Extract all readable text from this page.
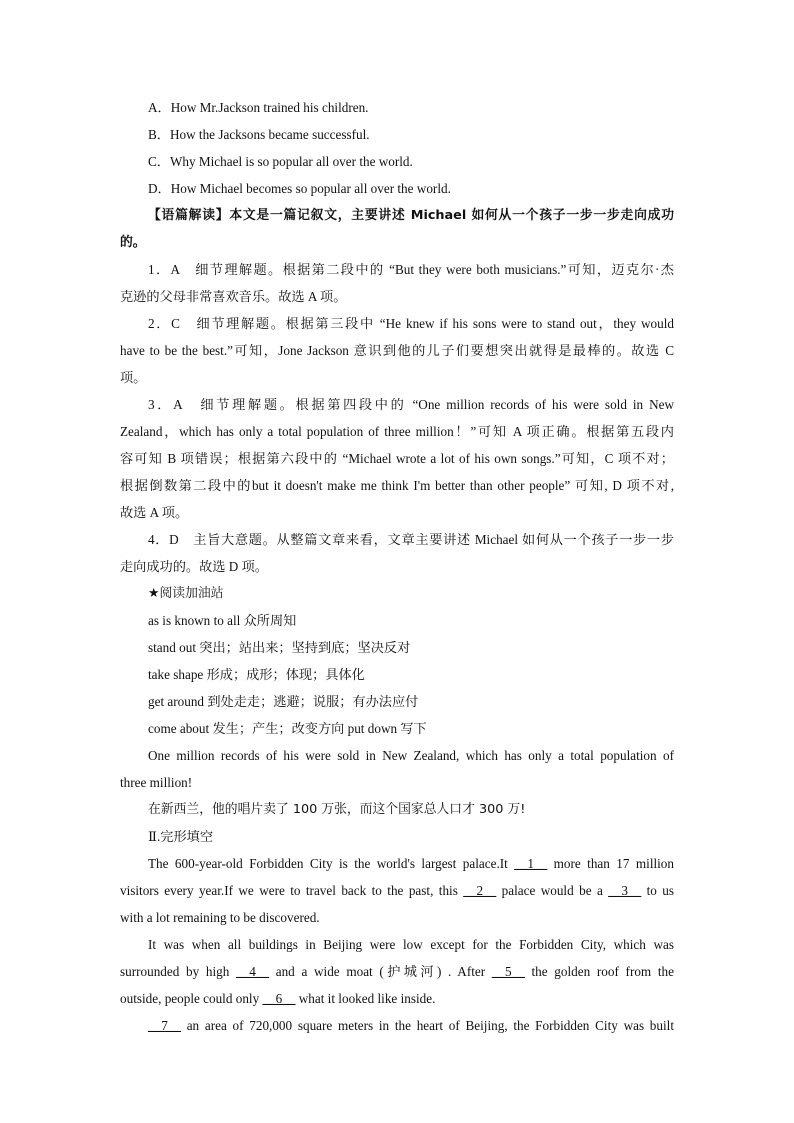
A．How Mr.Jackson trained his children.
B．How the Jacksons became successful.
C．Why Michael is so popular all over the world.
D．How Michael becomes so popular all over the world.
【语篇解读】本文是一篇记叙文，主要讲述 Michael 如何从一个孩子一步一步走向成功
的。
1．A　细节理解题。根据第二段中的 “But they were both musicians.”可知，迈克尔·杰
克逊的父母非常喜欢音乐。故选 A 项。
2．C　细节理解题。根据第三段中 “He knew if his sons were to stand out，they would
have to be the best.”可知，Jone Jackson 意识到他的儿子们要想突出就得是最棒的。故选 C
项。
3．A　细节理解题。根据第四段中的 “One million records of his were sold in New
Zealand，which has only a total population of three million！”可知 A 项正确。根据第五段内
容可知 B 项错误；根据第六段中的 “Michael wrote a lot of his own songs.”可知，C 项不对；
根据倒数第二段中的but it doesn't make me think I'm better than other people” 可知, D 项不对,
故选 A 项。
4．D　主旨大意题。从整篇文章来看，文章主要讲述 Michael 如何从一个孩子一步一步
走向成功的。故选 D 项。
★阅读加油站
as is known to all 众所周知
stand out 突出；站出来；坚持到底；坚决反对
take shape 形成；成形；体现；具体化
get around 到处走走；逃避；说服；有办法应付
come about 发生；产生；改变方向 put down 写下
One million records of his were sold in New Zealand, which has only a total population of
three million!
在新西兰，他的唱片卖了 100 万张，而这个国家总人口才 300 万!
Ⅱ.完形填空
The 600-year-old Forbidden City is the world's largest palace.It __1__ more than 17 million
visitors every year.If we were to travel back to the past, this __2__ palace would be a __3__ to us
with a lot remaining to be discovered.
It was when all buildings in Beijing were low except for the Forbidden City, which was
surrounded by high __4__ and a wide moat (护城河) . After __5__ the golden roof from the
outside, people could only __6__ what it looked like inside.
__7__ an area of 720,000 square meters in the heart of Beijing, the Forbidden City was built
